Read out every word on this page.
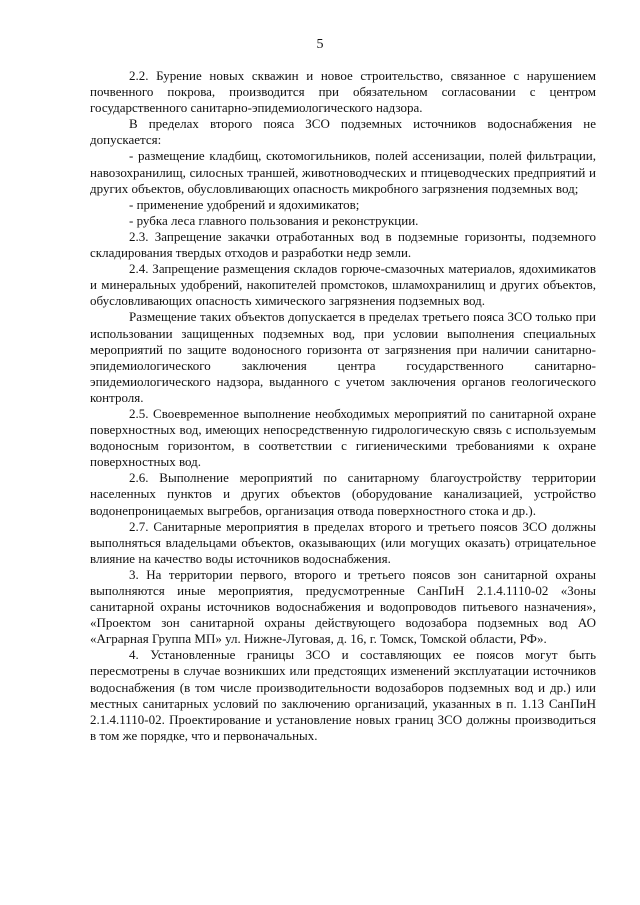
5

2.2. Бурение новых скважин и новое строительство, связанное с нарушением почвенного покрова, производится при обязательном согласовании с центром государственного санитарно-эпидемиологического надзора.

В пределах второго пояса ЗСО подземных источников водоснабжения не допускается:

- размещение кладбищ, скотомогильников, полей ассенизации, полей фильтрации, навозохранилищ, силосных траншей, животноводческих и птицеводческих предприятий и других объектов, обусловливающих опасность микробного загрязнения подземных вод;

- применение удобрений и ядохимикатов;

- рубка леса главного пользования и реконструкции.

2.3. Запрещение закачки отработанных вод в подземные горизонты, подземного складирования твердых отходов и разработки недр земли.

2.4. Запрещение размещения складов горюче-смазочных материалов, ядохимикатов и минеральных удобрений, накопителей промстоков, шламохранилищ и других объектов, обусловливающих опасность химического загрязнения подземных вод.

Размещение таких объектов допускается в пределах третьего пояса ЗСО только при использовании защищенных подземных вод, при условии выполнения специальных мероприятий по защите водоносного горизонта от загрязнения при наличии санитарно-эпидемиологического заключения центра государственного санитарно-эпидемиологического надзора, выданного с учетом заключения органов геологического контроля.

2.5. Своевременное выполнение необходимых мероприятий по санитарной охране поверхностных вод, имеющих непосредственную гидрологическую связь с используемым водоносным горизонтом, в соответствии с гигиеническими требованиями к охране поверхностных вод.

2.6. Выполнение мероприятий по санитарному благоустройству территории населенных пунктов и других объектов (оборудование канализацией, устройство водонепроницаемых выгребов, организация отвода поверхностного стока и др.).

2.7. Санитарные мероприятия в пределах второго и третьего поясов ЗСО должны выполняться владельцами объектов, оказывающих (или могущих оказать) отрицательное влияние на качество воды источников водоснабжения.

3. На территории первого, второго и третьего поясов зон санитарной охраны выполняются иные мероприятия, предусмотренные СанПиН 2.1.4.1110-02 «Зоны санитарной охраны источников водоснабжения и водопроводов питьевого назначения», «Проектом зон санитарной охраны действующего водозабора подземных вод АО «Аграрная Группа МП» ул. Нижне-Луговая, д. 16, г. Томск, Томской области, РФ».

4. Установленные границы ЗСО и составляющих ее поясов могут быть пересмотрены в случае возникших или предстоящих изменений эксплуатации источников водоснабжения (в том числе производительности водозаборов подземных вод и др.) или местных санитарных условий по заключению организаций, указанных в п. 1.13 СанПиН 2.1.4.1110-02. Проектирование и установление новых границ ЗСО должны производиться в том же порядке, что и первоначальных.
